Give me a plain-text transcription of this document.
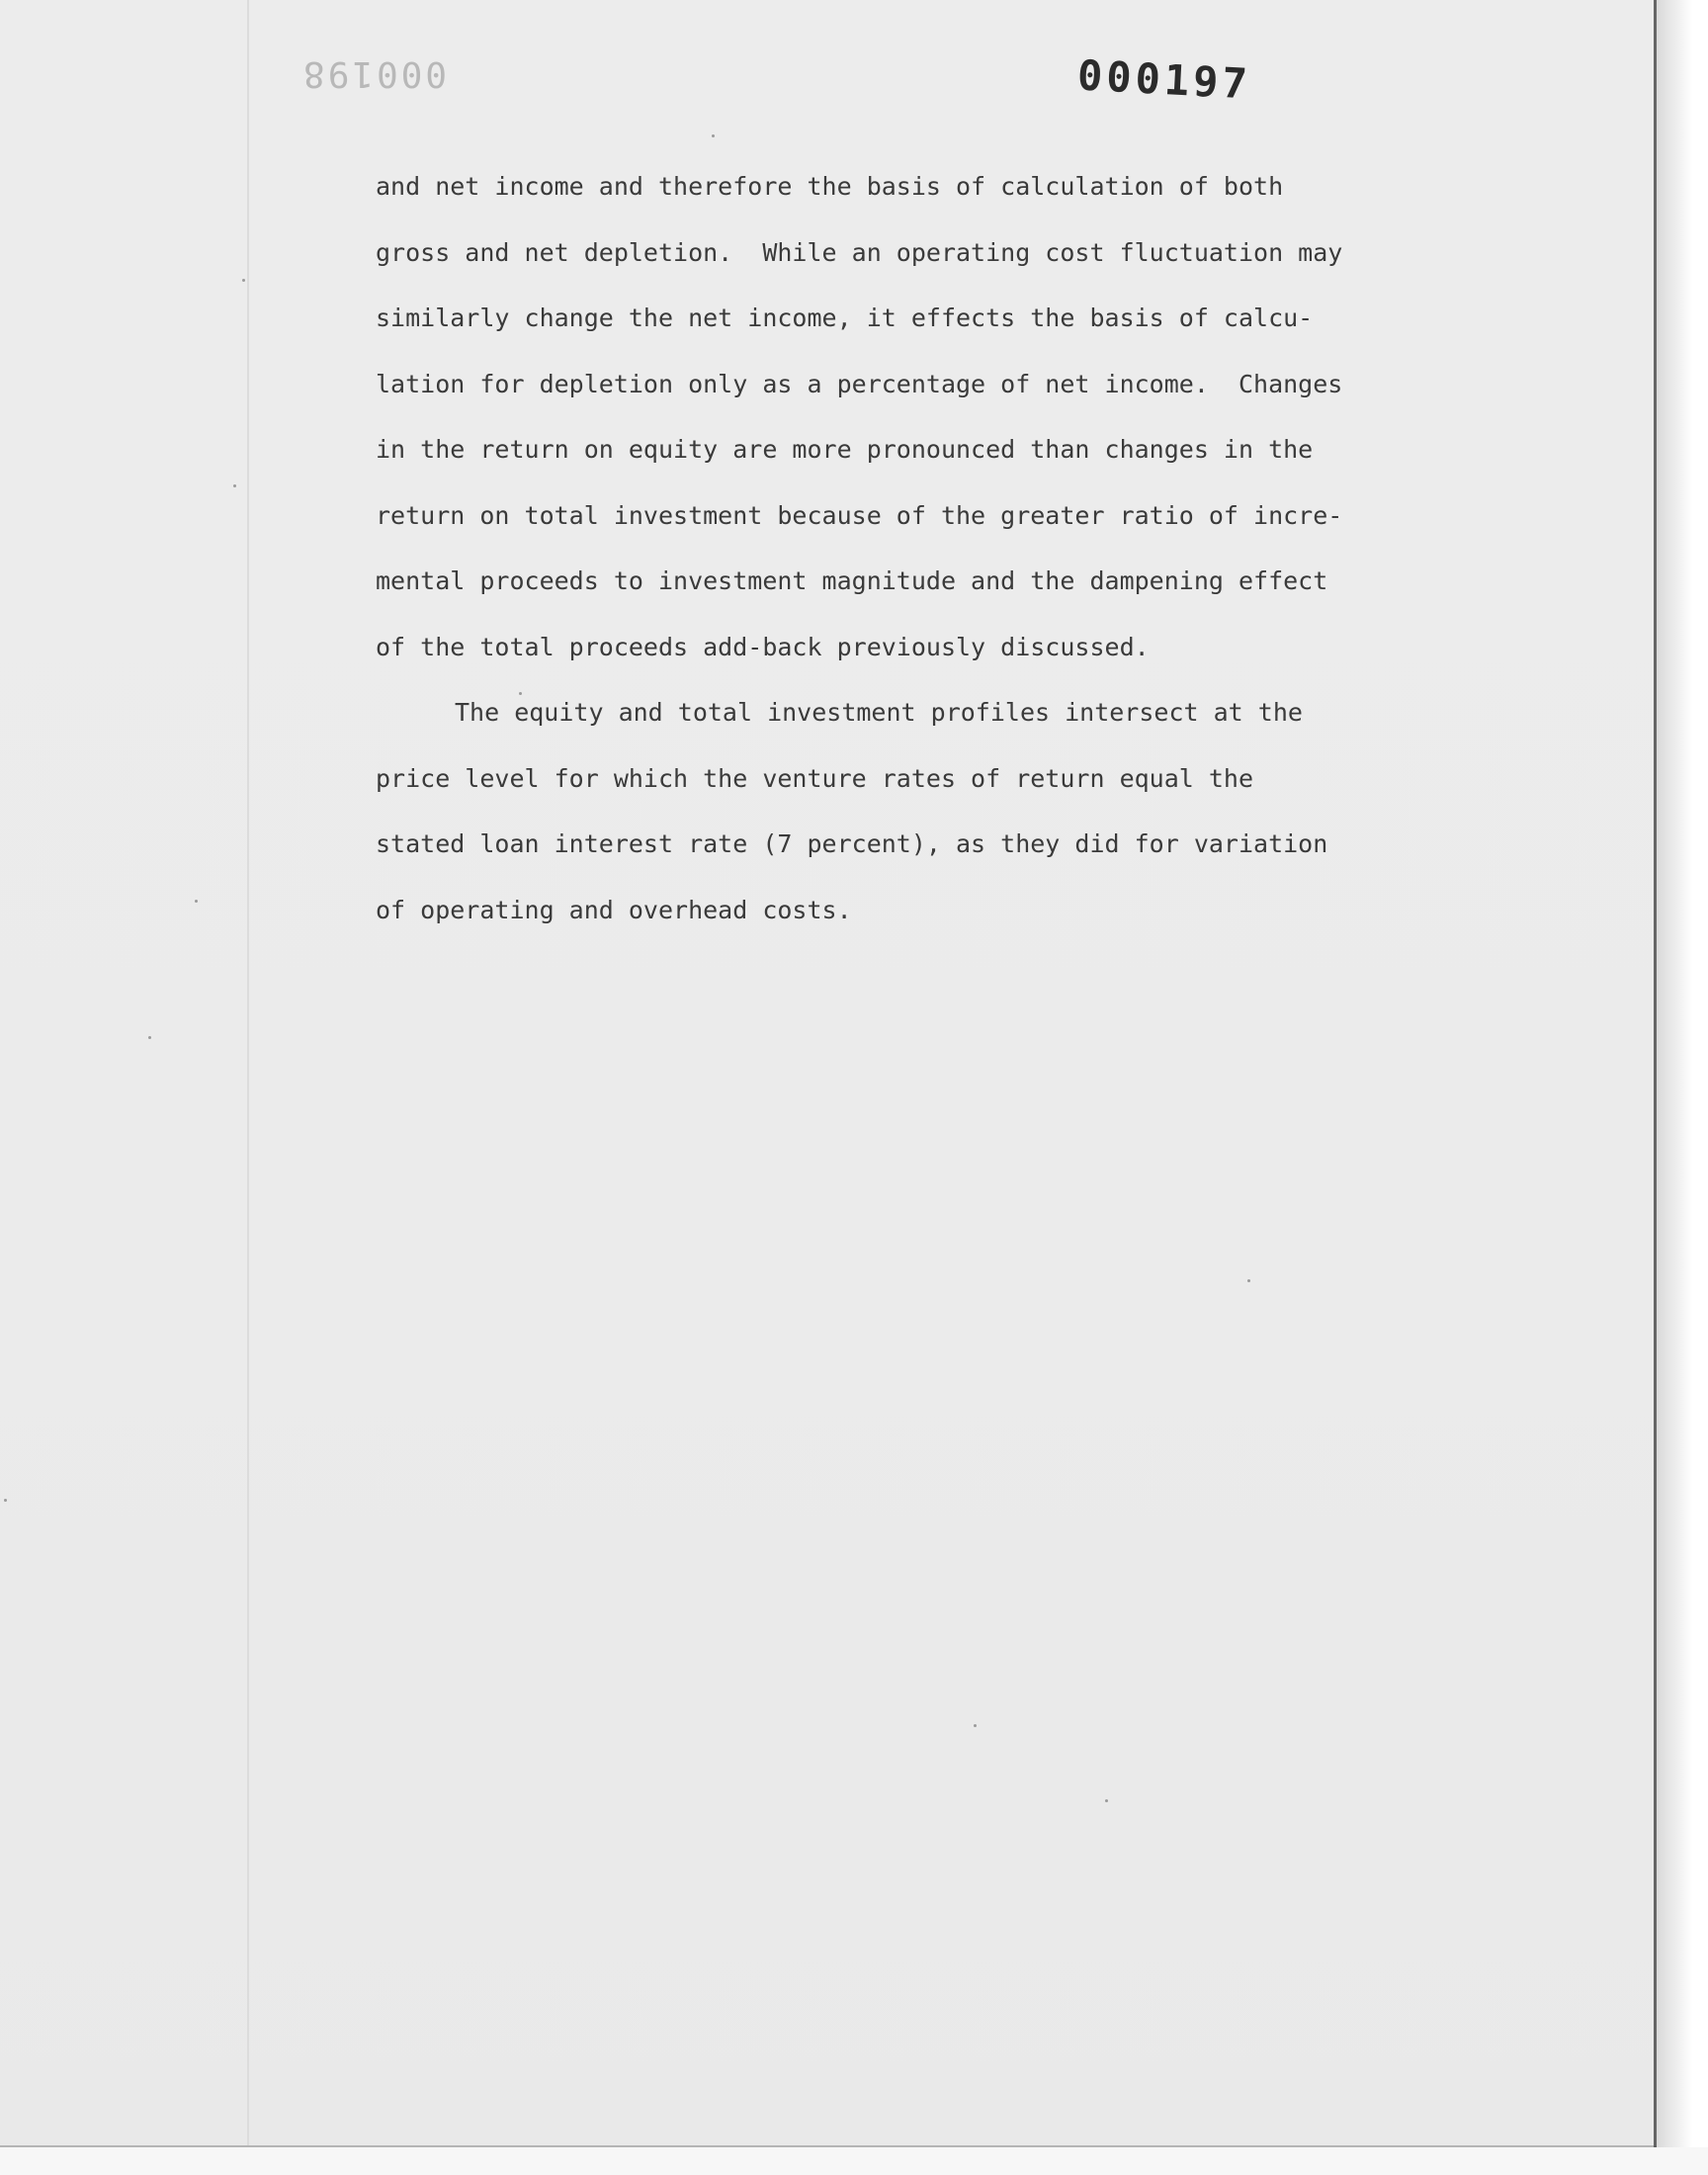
000198	000197
and net income and therefore the basis of calculation of both
gross and net depletion.  While an operating cost fluctuation may
similarly change the net income, it effects the basis of calcu-
lation for depletion only as a percentage of net income.  Changes
in the return on equity are more pronounced than changes in the
return on total investment because of the greater ratio of incre-
mental proceeds to investment magnitude and the dampening effect
of the total proceeds add-back previously discussed.
The equity and total investment profiles intersect at the
price level for which the venture rates of return equal the
stated loan interest rate (7 percent), as they did for variation
of operating and overhead costs.
